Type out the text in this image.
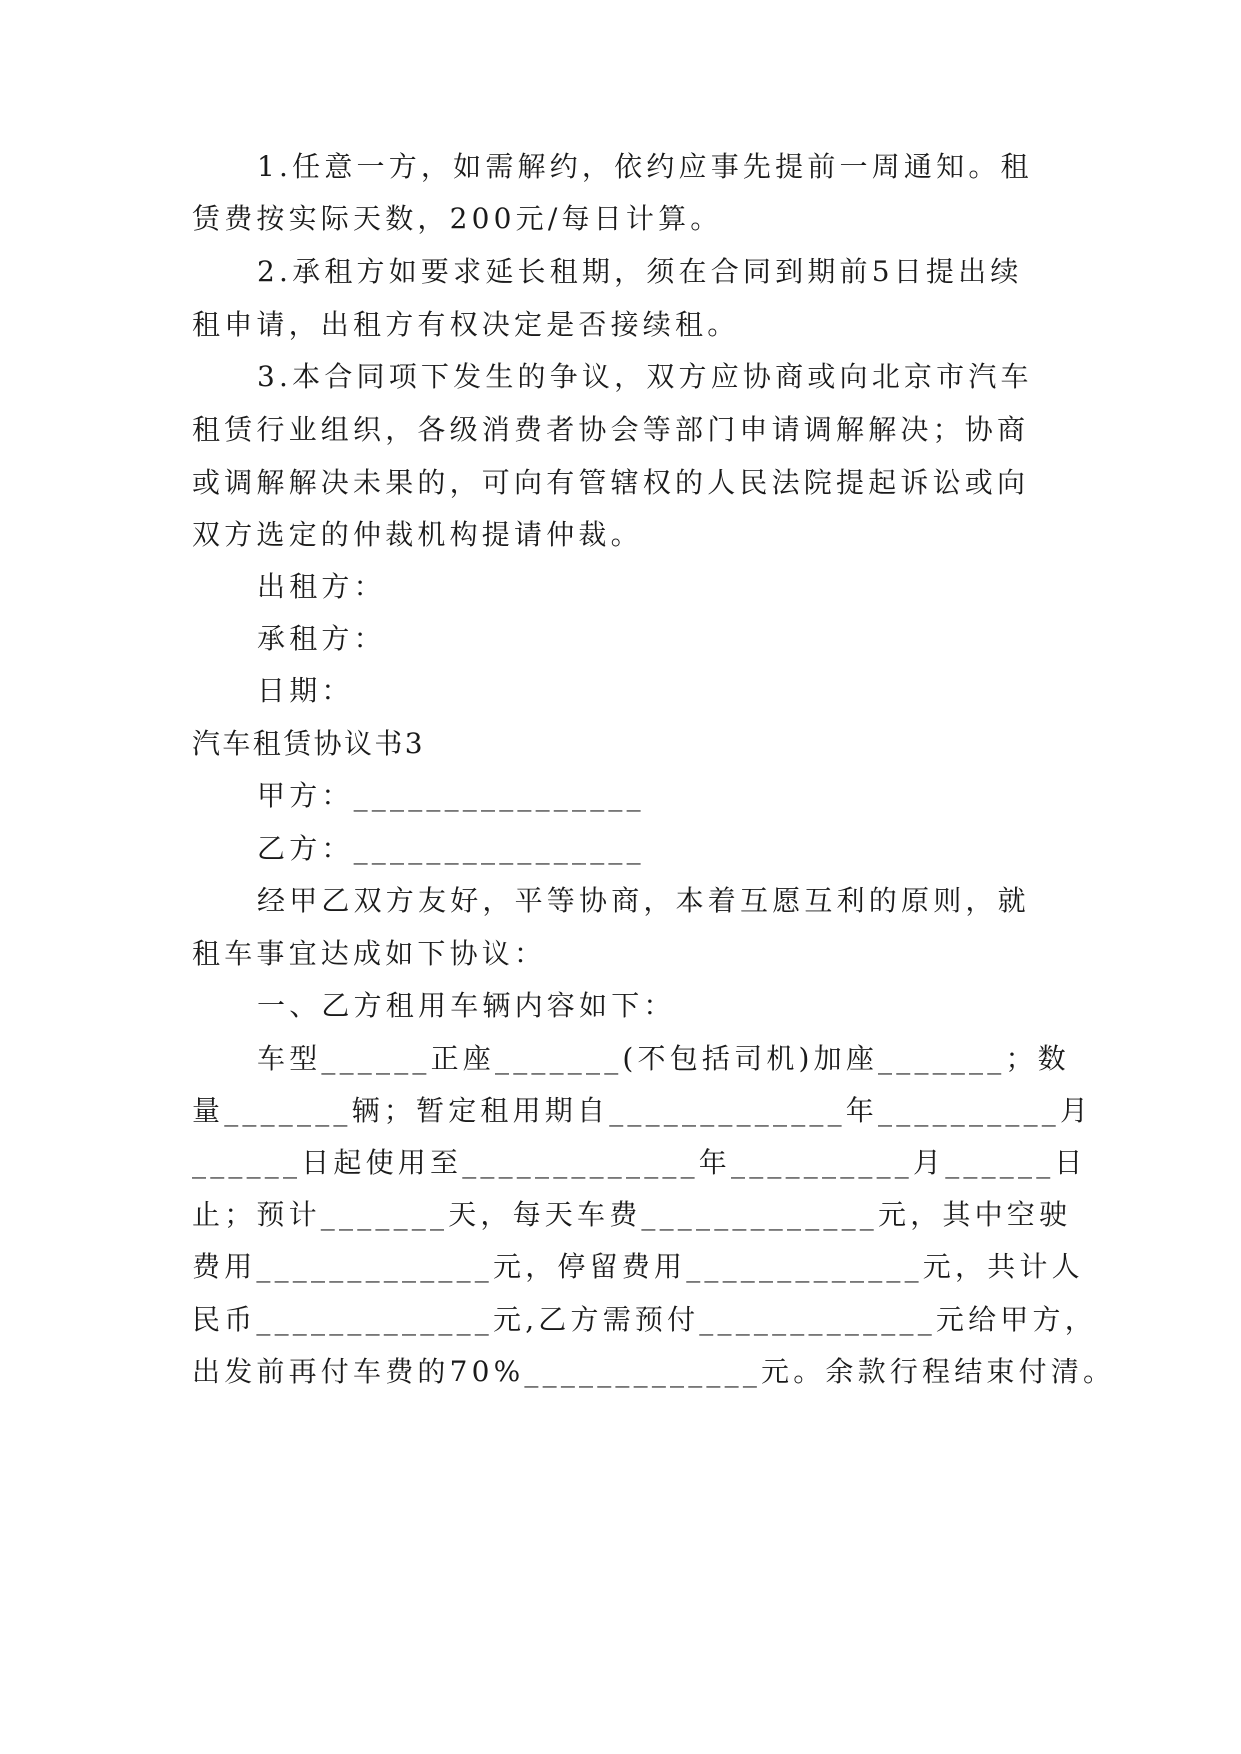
1.任意一方，如需解约，依约应事先提前一周通知。租
赁费按实际天数，200元/每日计算。
2.承租方如要求延长租期，须在合同到期前5日提出续
租申请，出租方有权决定是否接续租。
3.本合同项下发生的争议，双方应协商或向北京市汽车
租赁行业组织，各级消费者协会等部门申请调解解决；协商
或调解解决未果的，可向有管辖权的人民法院提起诉讼或向
双方选定的仲裁机构提请仲裁。
出租方：
承租方：
日期：
汽车租赁协议书3
甲方：________________
乙方：________________
经甲乙双方友好，平等协商，本着互愿互利的原则，就
租车事宜达成如下协议：
一、乙方租用车辆内容如下：
车型______正座_______(不包括司机)加座_______；数
量_______辆；暂定租用期自_____________年__________月
______日起使用至_____________年__________月______日
止；预计_______天，每天车费_____________元，其中空驶
费用_____________元，停留费用_____________元，共计人
民币_____________元,乙方需预付_____________元给甲方，
出发前再付车费的70%_____________元。余款行程结束付清。
